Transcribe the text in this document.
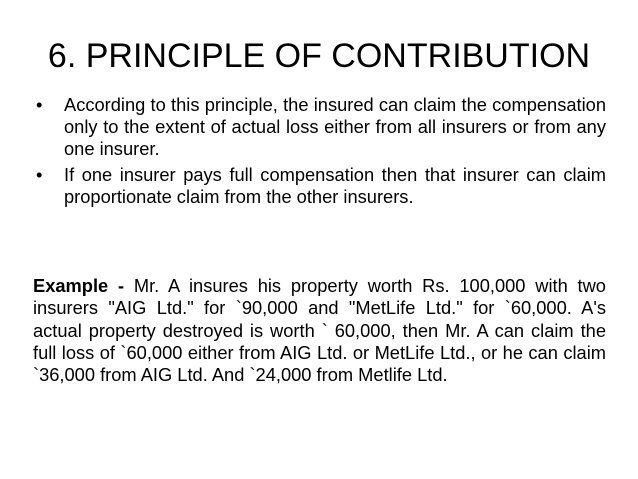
6. PRINCIPLE OF CONTRIBUTION
•	According to this principle, the insured can claim the compensation only to the extent of actual loss either from all insurers or from any one insurer.
•	If one insurer pays full compensation then that insurer can claim proportionate claim from the other insurers.

Example - Mr. A insures his property worth Rs. 100,000 with two insurers "AIG Ltd." for `90,000 and "MetLife Ltd." for `60,000. A's actual property destroyed is worth ` 60,000, then Mr. A can claim the full loss of `60,000 either from AIG Ltd. or MetLife Ltd., or he can claim `36,000 from AIG Ltd. And `24,000 from Metlife Ltd.
